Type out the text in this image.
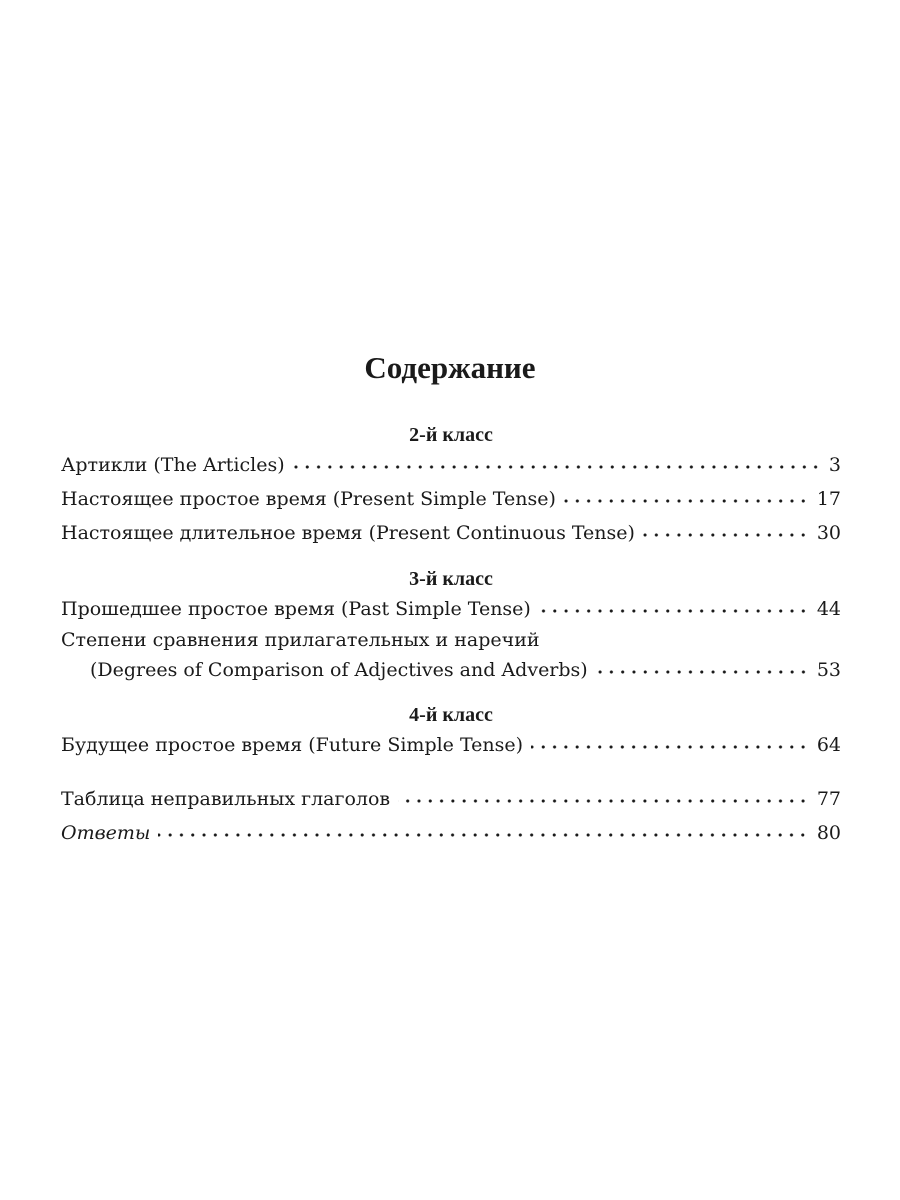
Содержание
2-й класс
Артикли (The Articles)	3
Настоящее простое время (Present Simple Tense)	17
Настоящее длительное время (Present Continuous Tense)	30
3-й класс
Прошедшее простое время (Past Simple Tense)	44
Степени сравнения прилагательных и наречий
(Degrees of Comparison of Adjectives and Adverbs)	53
4-й класс
Будущее простое время (Future Simple Tense)	64
Таблица неправильных глаголов	77
Ответы	80
